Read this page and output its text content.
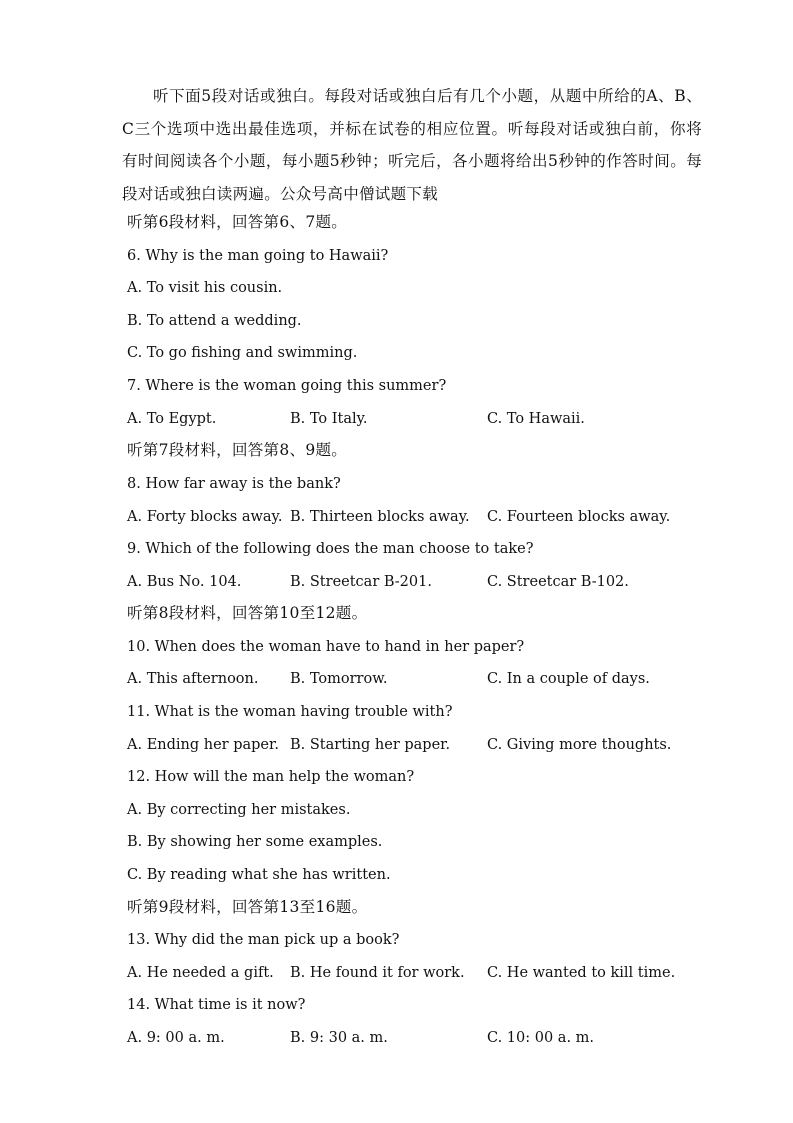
听下面5段对话或独白。每段对话或独白后有几个小题，从题中所给的A、B、C三个选项中选出最佳选项，并标在试卷的相应位置。听每段对话或独白前，你将有时间阅读各个小题，每小题5秒钟；听完后，各小题将给出5秒钟的作答时间。每段对话或独白读两遍。公众号高中僧试题下载
听第6段材料，回答第6、7题。
6. Why is the man going to Hawaii?
A. To visit his cousin.
B. To attend a wedding.
C. To go fishing and swimming.
7. Where is the woman going this summer?
A. To Egypt.	B. To Italy.	C. To Hawaii.
听第7段材料，回答第8、9题。
8. How far away is the bank?
A. Forty blocks away. B. Thirteen blocks away. C. Fourteen blocks away.
9. Which of the following does the man choose to take?
A. Bus No. 104.	B. Streetcar B-201.	C. Streetcar B-102.
听第8段材料，回答第10至12题。
10. When does the woman have to hand in her paper?
A. This afternoon. B. Tomorrow.	C. In a couple of days.
11. What is the woman having trouble with?
A. Ending her paper. B. Starting her paper.	C. Giving more thoughts.
12. How will the man help the woman?
A. By correcting her mistakes.
B. By showing her some examples.
C. By reading what she has written.
听第9段材料，回答第13至16题。
13. Why did the man pick up a book?
A. He needed a gift. B. He found it for work. C. He wanted to kill time.
14. What time is it now?
A. 9: 00 a. m.	B. 9: 30 a. m.	C. 10: 00 a. m.
